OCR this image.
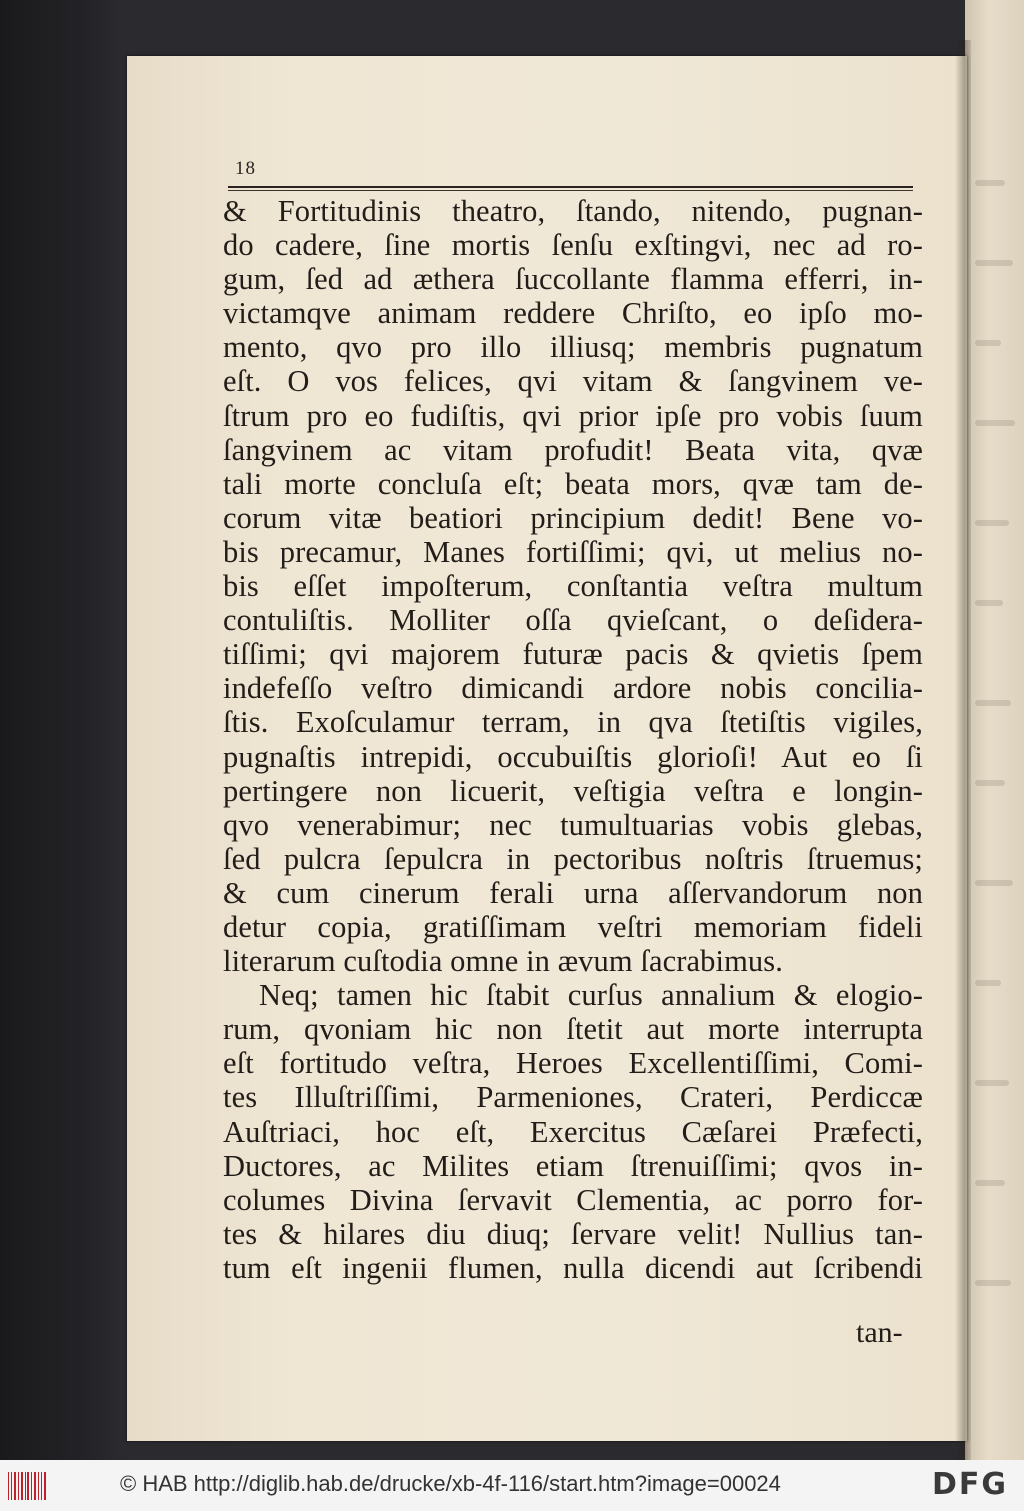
18
& Fortitudinis theatro, ſtando, nitendo, pugnan-
do cadere, ſine mortis ſenſu exſtingvi, nec ad ro-
gum, ſed ad æthera ſuccollante flamma efferri, in-
victamqve animam reddere Chriſto, eo ipſo mo-
mento, qvo pro illo illiusq; membris pugnatum
eſt. O vos felices, qvi vitam & ſangvinem ve-
ſtrum pro eo fudiſtis, qvi prior ipſe pro vobis ſuum
ſangvinem ac vitam profudit! Beata vita, qvæ
tali morte concluſa eſt; beata mors, qvæ tam de-
corum vitæ beatiori principium dedit! Bene vo-
bis precamur, Manes fortiſſimi; qvi, ut melius no-
bis eſſet impoſterum, conſtantia veſtra multum
contuliſtis. Molliter oſſa qvieſcant, o deſidera-
tiſſimi; qvi majorem futuræ pacis & qvietis ſpem
indefeſſo veſtro dimicandi ardore nobis concilia-
ſtis. Exoſculamur terram, in qva ſtetiſtis vigiles,
pugnaſtis intrepidi, occubuiſtis glorioſi! Aut eo ſi
pertingere non licuerit, veſtigia veſtra e longin-
qvo venerabimur; nec tumultuarias vobis glebas,
ſed pulcra ſepulcra in pectoribus noſtris ſtruemus;
& cum cinerum ferali urna aſſervandorum non
detur copia, gratiſſimam veſtri memoriam fideli
literarum cuſtodia omne in ævum ſacrabimus.
Neq; tamen hic ſtabit curſus annalium & elogio-
rum, qvoniam hic non ſtetit aut morte interrupta
eſt fortitudo veſtra, Heroes Excellentiſſimi, Comi-
tes Illuſtriſſimi, Parmeniones, Crateri, Perdiccæ
Auſtriaci, hoc eſt, Exercitus Cæſarei Præfecti,
Ductores, ac Milites etiam ſtrenuiſſimi; qvos in-
columes Divina ſervavit Clementia, ac porro for-
tes & hilares diu diuq; ſervare velit! Nullius tan-
tum eſt ingenii flumen, nulla dicendi aut ſcribendi
tan-
© HAB http://diglib.hab.de/drucke/xb-4f-116/start.htm?image=00024	DFG
